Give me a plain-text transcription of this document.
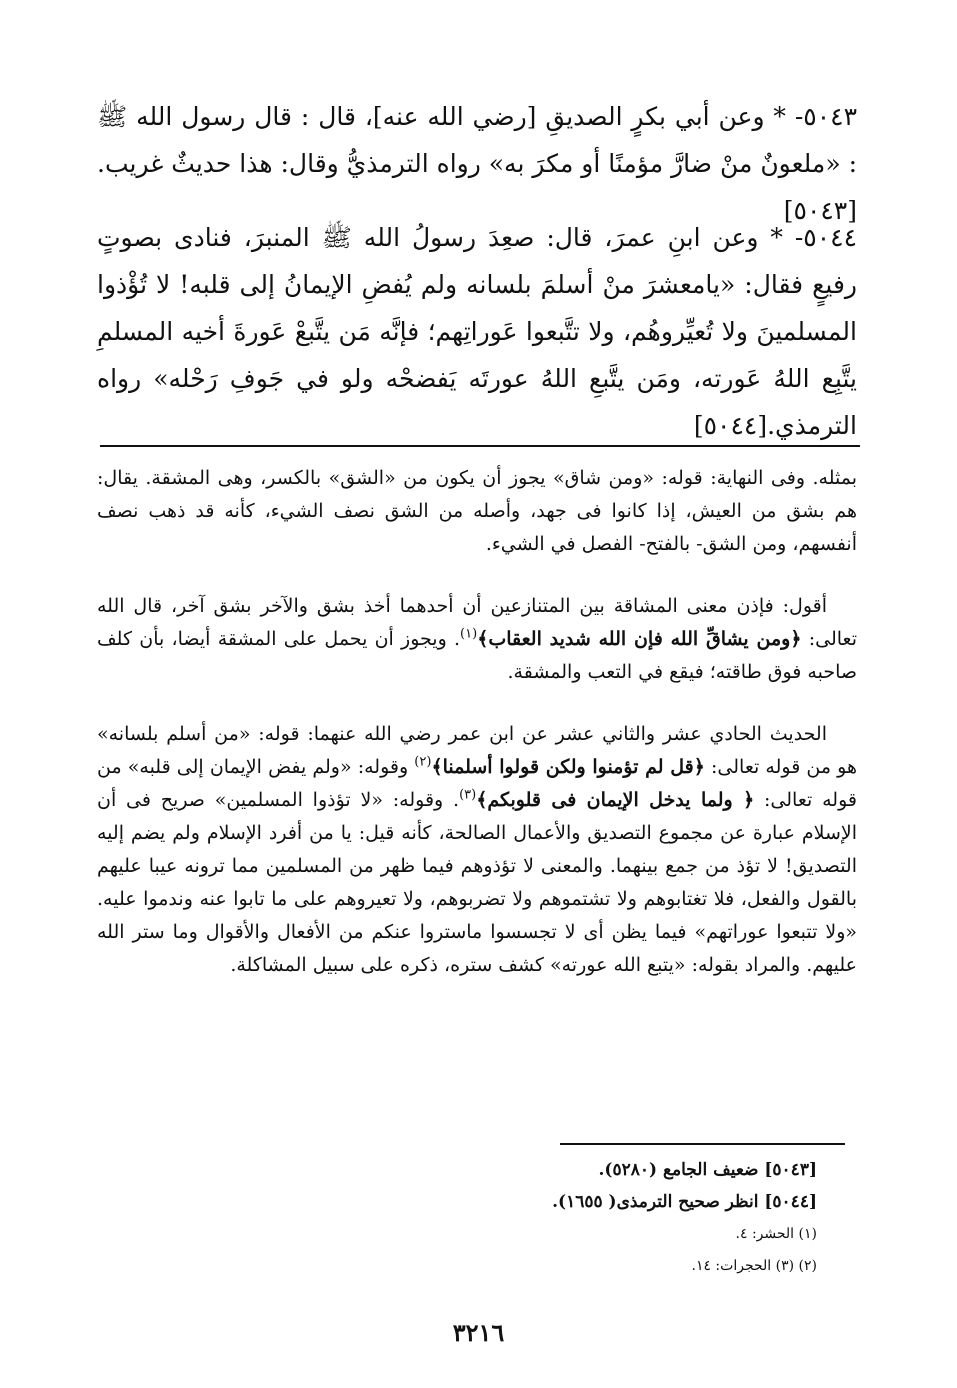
٥٠٤٣- * وعن أبي بكرٍ الصديقِ [رضي الله عنه]، قال : قال رسول الله ﷺ : «ملعونٌ منْ ضارَّ مؤمنًا أو مكرَ به» رواه الترمذيُّ وقال: هذا حديثٌ غريب.[٥٠٤٣]
٥٠٤٤- * وعن ابنِ عمرَ، قال: صعِدَ رسولُ الله ﷺ المنبرَ، فنادى بصوتٍ رفيعٍ فقال: «يامعشرَ منْ أسلمَ بلسانه ولم يُفضِ الإيمانُ إلى قلبه! لا تُؤْذوا المسلمينَ ولا تُعيِّروهُم، ولا تتَّبعوا عَوراتِهم؛ فإنَّه مَن يتَّبعْ عَورةَ أخيه المسلمِ يتَّبِع اللهُ عَورته، ومَن يتَّبعِ اللهُ عورتَه يَفضحْه ولو في جَوفِ رَحْله» رواه الترمذي.[٥٠٤٤]

بمثله. وفى النهاية: قوله: «ومن شاق» يجوز أن يكون من «الشق» بالكسر، وهى المشقة. يقال: هم بشق من العيش، إذا كانوا فى جهد، وأصله من الشق نصف الشيء، كأنه قد ذهب نصف أنفسهم، ومن الشق- بالفتح- الفصل في الشيء.

أقول: فإذن معنى المشاقة بين المتنازعين أن أحدهما أخذ بشق والآخر بشق آخر، قال الله تعالى: ﴿ومن يشاقِّ الله فإن الله شديد العقاب﴾$^{(١)}$. ويجوز أن يحمل على المشقة أيضا، بأن كلف صاحبه فوق طاقته؛ فيقع في التعب والمشقة.

الحديث الحادي عشر والثاني عشر عن ابن عمر رضي الله عنهما: قوله: «من أسلم بلسانه» هو من قوله تعالى: ﴿قل لم تؤمنوا ولكن قولوا أسلمنا﴾$^{(٢)}$ وقوله: «ولم يفض الإيمان إلى قلبه» من قوله تعالى: ﴿ ولما يدخل الإيمان فى قلوبكم﴾$^{(٣)}$. وقوله: «لا تؤذوا المسلمين» صريح فى أن الإسلام عبارة عن مجموع التصديق والأعمال الصالحة، كأنه قيل: يا من أفرد الإسلام ولم يضم إليه التصديق! لا تؤذ من جمع بينهما. والمعنى لا تؤذوهم فيما ظهر من المسلمين مما ترونه عيبا عليهم بالقول والفعل، فلا تغتابوهم ولا تشتموهم ولا تضربوهم، ولا تعيروهم على ما تابوا عنه وندموا عليه. «ولا تتبعوا عوراتهم» فيما يظن أى لا تجسسوا ماستروا عنكم من الأفعال والأقوال وما ستر الله عليهم. والمراد بقوله: «يتبع الله عورته» كشف ستره، ذكره على سبيل المشاكلة.

[٥٠٤٣] ضعيف الجامع (٥٢٨٠).

[٥٠٤٤] انظر صحيح الترمذى( ١٦٥٥).

(١) الحشر: ٤.

(٢) (٣) الحجرات: ١٤.

٣٢١٦
